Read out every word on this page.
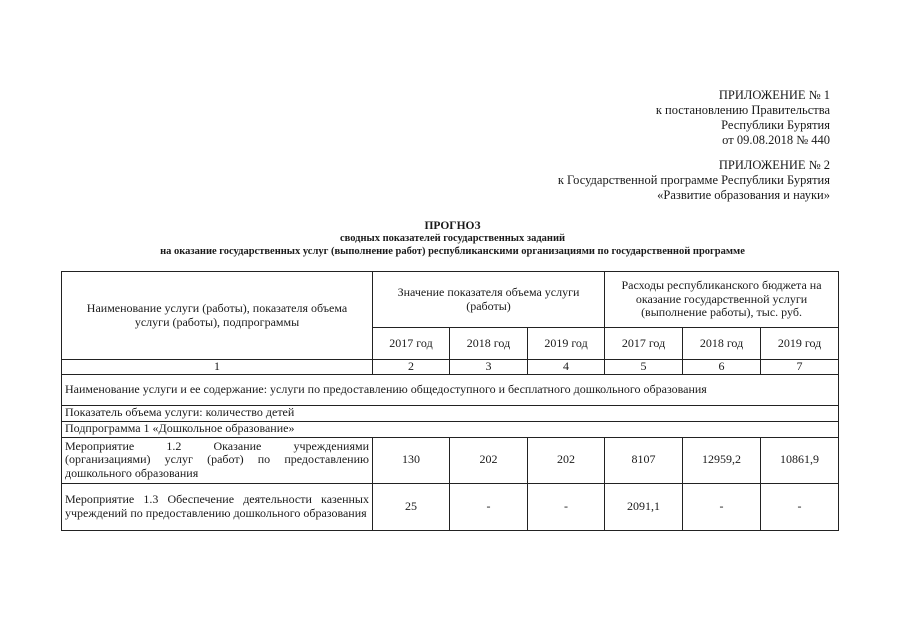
ПРИЛОЖЕНИЕ № 1
к постановлению Правительства
Республики Бурятия
от 09.08.2018 № 440
ПРИЛОЖЕНИЕ № 2
к Государственной программе Республики Бурятия
«Развитие образования и науки»
ПРОГНОЗ
сводных показателей государственных заданий
на оказание государственных услуг (выполнение работ) республиканскими организациями по государственной программе
Наименование услуги (работы), показателя объема услуги (работы), подпрограммы	Значение показателя объема услуги (работы)			Расходы республиканского бюджета на оказание государственной услуги (выполнение работы), тыс. руб.		
	2017 год	2018 год	2019 год	2017 год	2018 год	2019 год
1	2	3	4	5	6	7
Наименование услуги и ее содержание: услуги по предоставлению общедоступного и бесплатного дошкольного образования						
Показатель объема услуги: количество детей						
Подпрограмма 1 «Дошкольное образование»						
Мероприятие 1.2 Оказание учреждениями (организациями) услуг (работ) по предоставлению дошкольного образования	130	202	202	8107	12959,2	10861,9
Мероприятие 1.3 Обеспечение деятельности казенных учреждений по предоставлению дошкольного образования	25	-	-	2091,1	-	-
